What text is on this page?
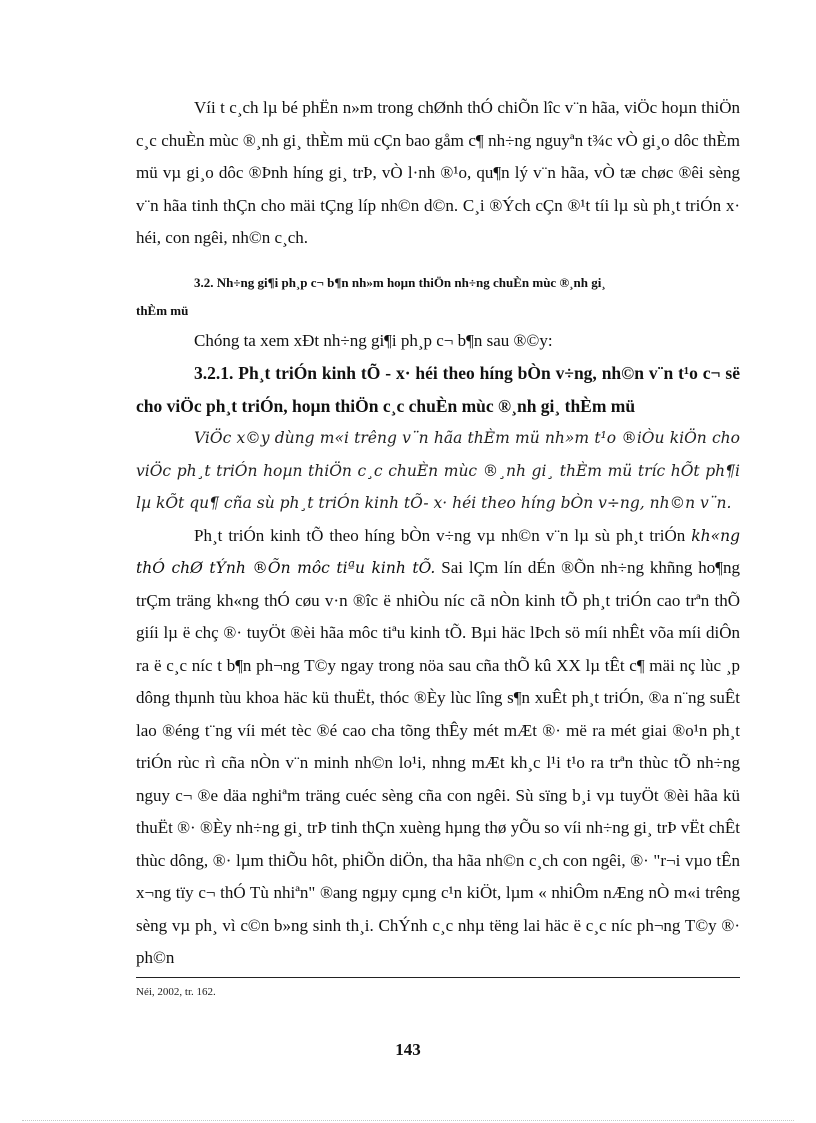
Víi t c¸ch lµ bé phËn n»m trong chØnh thÓ chiÕn lîc v¨n hãa, viÖc hoµn thiÖn c¸c chuÈn mùc ®¸nh gi¸ thÈm mü cÇn bao gåm c¶ nh÷ng nguyªn t¾c vÒ gi¸o dôc thÈm mü vµ gi¸o dôc ®Þnh híng gi¸ trÞ, vÒ l·nh ®¹o, qu¶n lý v¨n hãa, vÒ tæ chøc ®êi sèng v¨n hãa tinh thÇn cho mäi tÇng líp nh©n d©n. C¸i ®Ých cÇn ®¹t tíi lµ sù ph¸t triÓn x· héi, con ngêi, nh©n c¸ch.

3.2. Nh÷ng gi¶i ph¸p c¬ b¶n nh»m hoµn thiÖn nh÷ng chuÈn mùc ®¸nh gi¸
thÈm mü

Chóng ta xem xÐt nh÷ng gi¶i ph¸p c¬ b¶n sau ®©y:

3.2.1. Ph¸t triÓn kinh tÕ - x· héi theo híng bÒn v÷ng, nh©n v¨n t¹o c¬ së cho viÖc ph¸t triÓn, hoµn thiÖn c¸c chuÈn mùc ®¸nh gi¸ thÈm mü

ViÖc x©y dùng m«i trêng v¨n hãa thÈm mü nh»m t¹o ®iÒu kiÖn cho viÖc ph¸t triÓn hoµn thiÖn c¸c chuÈn mùc ®¸nh gi¸ thÈm mü tríc hÕt ph¶i lµ kÕt qu¶ cña sù ph¸t triÓn kinh tÕ- x· héi theo híng bÒn v÷ng, nh©n v¨n.

Ph¸t triÓn kinh tÕ theo híng bÒn v÷ng vµ nh©n v¨n lµ sù ph¸t triÓn kh«ng thÓ chØ tÝnh ®Õn môc tiªu kinh tÕ. Sai lÇm lín dÉn ®Õn nh÷ng khñng ho¶ng trÇm träng kh«ng thÓ cøu v·n ®îc ë nhiÒu níc cã nÒn kinh tÕ ph¸t triÓn cao trªn thÕ giíi lµ ë chç ®· tuyÖt ®èi hãa môc tiªu kinh tÕ. Bµi häc lÞch sö míi nhÊt võa míi diÔn ra ë c¸c níc t b¶n ph¬ng T©y ngay trong nöa sau cña thÕ kû XX lµ tÊt c¶ mäi nç lùc ¸p dông thµnh tùu khoa häc kü thuËt, thóc ®Èy lùc lîng s¶n xuÊt ph¸t triÓn, ®a n¨ng suÊt lao ®éng t¨ng víi mét tèc ®é cao cha tõng thÊy mét mÆt ®· më ra mét giai ®o¹n ph¸t triÓn rùc rì cña nÒn v¨n minh nh©n lo¹i, nhng mÆt kh¸c l¹i t¹o ra trªn thùc tÕ nh÷ng nguy c¬ ®e däa nghiªm träng cuéc sèng cña con ngêi. Sù sïng b¸i vµ tuyÖt ®èi hãa kü thuËt ®· ®Èy nh÷ng gi¸ trÞ tinh thÇn xuèng hµng thø yÕu so víi nh÷ng gi¸ trÞ vËt chÊt thùc dông, ®· lµm thiÕu hôt, phiÕn diÖn, tha hãa nh©n c¸ch con ngêi, ®· "r¬i vµo tÊn x¬ng tïy c¬ thÓ Tù nhiªn" ®ang ngµy cµng c¹n kiÖt, lµm « nhiÔm nÆng nÒ m«i trêng sèng vµ ph¸ vì c©n b»ng sinh th¸i. ChÝnh c¸c nhµ tëng lai häc ë c¸c níc ph¬ng T©y ®· ph©n

Néi, 2002, tr. 162.
143
